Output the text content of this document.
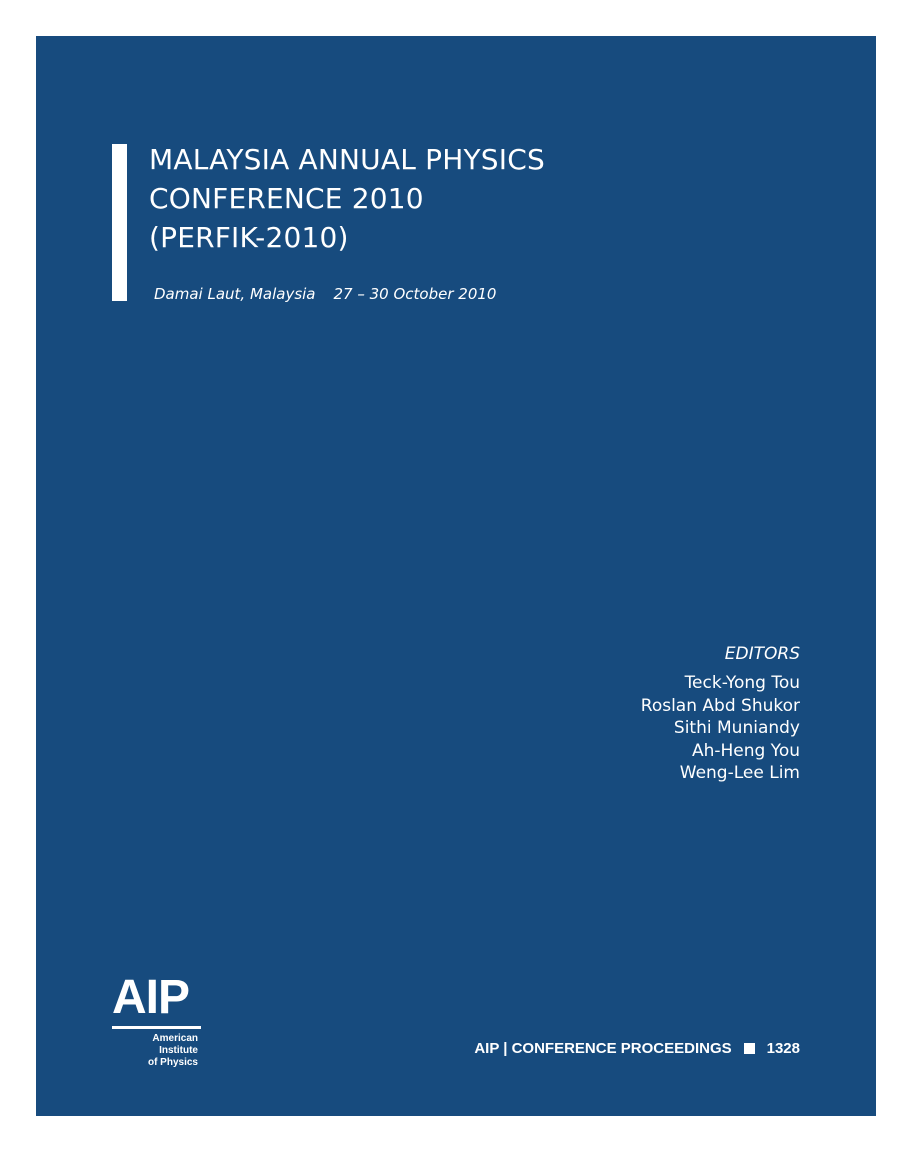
MALAYSIA ANNUAL PHYSICS
CONFERENCE 2010
(PERFIK-2010)
Damai Laut, Malaysia 27 – 30 October 2010
EDITORS
Teck-Yong Tou
Roslan Abd Shukor
Sithi Muniandy
Ah-Heng You
Weng-Lee Lim
AIP
American Institute
of Physics
AIP | CONFERENCE PROCEEDINGS 1328
